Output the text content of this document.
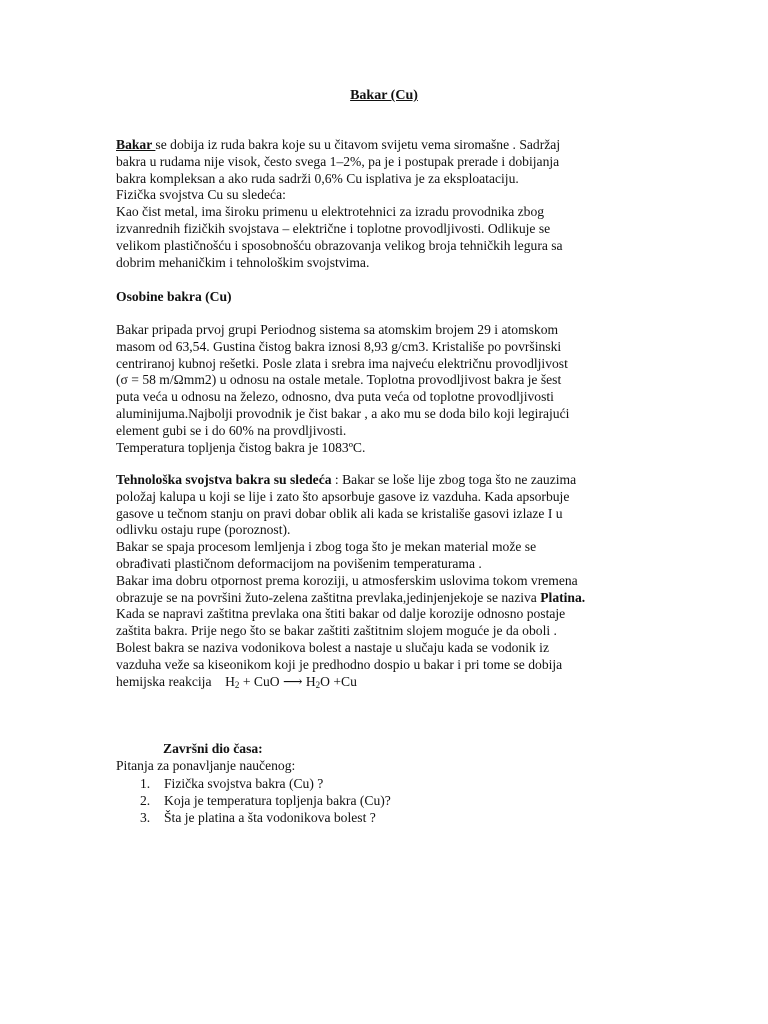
Bakar (Cu)
Bakar se dobija iz ruda bakra koje su u čitavom svijetu vema siromašne . Sadržaj
bakra u rudama nije visok, često svega 1–2%, pa je i postupak prerade i dobijanja
bakra kompleksan a ako ruda sadrži 0,6% Cu isplativa je za eksploataciju.
Fizička svojstva Cu su sledeća:
Kao čist metal, ima široku primenu u elektrotehnici za izradu provodnika zbog
izvanrednih fizičkih svojstava – električne i toplotne provodljivosti. Odlikuje se
velikom plastičnošću i sposobnošću obrazovanja velikog broja tehničkih legura sa
dobrim mehaničkim i tehnološkim svojstvima.
Osobine bakra (Cu)
Bakar pripada prvoj grupi Periodnog sistema sa atomskim brojem 29 i atomskom
masom od 63,54. Gustina čistog bakra iznosi 8,93 g/cm3. Kristališe po površinski
centriranoj kubnoj rešetki. Posle zlata i srebra ima najveću električnu provodljivost
(σ = 58 m/Ωmm2) u odnosu na ostale metale. Toplotna provodljivost bakra je šest
puta veća u odnosu na železo, odnosno, dva puta veća od toplotne provodljivosti
aluminijuma.Najbolji provodnik je čist bakar , a ako mu se doda bilo koji legirajući
element gubi se i do 60% na provdljivosti.
Temperatura topljenja čistog bakra je 1083ºC.
Tehnološka svojstva bakra su sledeća : Bakar se loše lije zbog toga što ne zauzima
položaj kalupa u koji se lije i zato što apsorbuje gasove iz vazduha. Kada apsorbuje
gasove u tečnom stanju on pravi dobar oblik ali kada se kristališe gasovi izlaze I u
odlivku ostaju rupe (poroznost).
Bakar se spaja procesom lemljenja i zbog toga što je mekan material može se
obrađivati plastičnom deformacijom na povišenim temperaturama .
Bakar ima dobru otpornost prema koroziji, u atmosferskim uslovima tokom vremena
obrazuje se na površini žuto-zelena zaštitna prevlaka,jedinjenjekoje se naziva Platina.
Kada se napravi zaštitna prevlaka ona štiti bakar od dalje korozije odnosno postaje
zaštita bakra. Prije nego što se bakar zaštiti zaštitnim slojem moguće je da oboli .
Bolest bakra se naziva vodonikova bolest a nastaje u slučaju kada se vodonik iz
vazduha veže sa kiseonikom koji je predhodno dospio u bakar i pri tome se dobija
hemijska reakcija $H_2$ + CuO ⟶ $H_2O +Cu$
Završni dio časa:
Pitanja za ponavljanje naučenog:
1. Fizička svojstva bakra (Cu) ?
2. Koja je temperatura topljenja bakra (Cu)?
3. Šta je platina a šta vodonikova bolest ?
